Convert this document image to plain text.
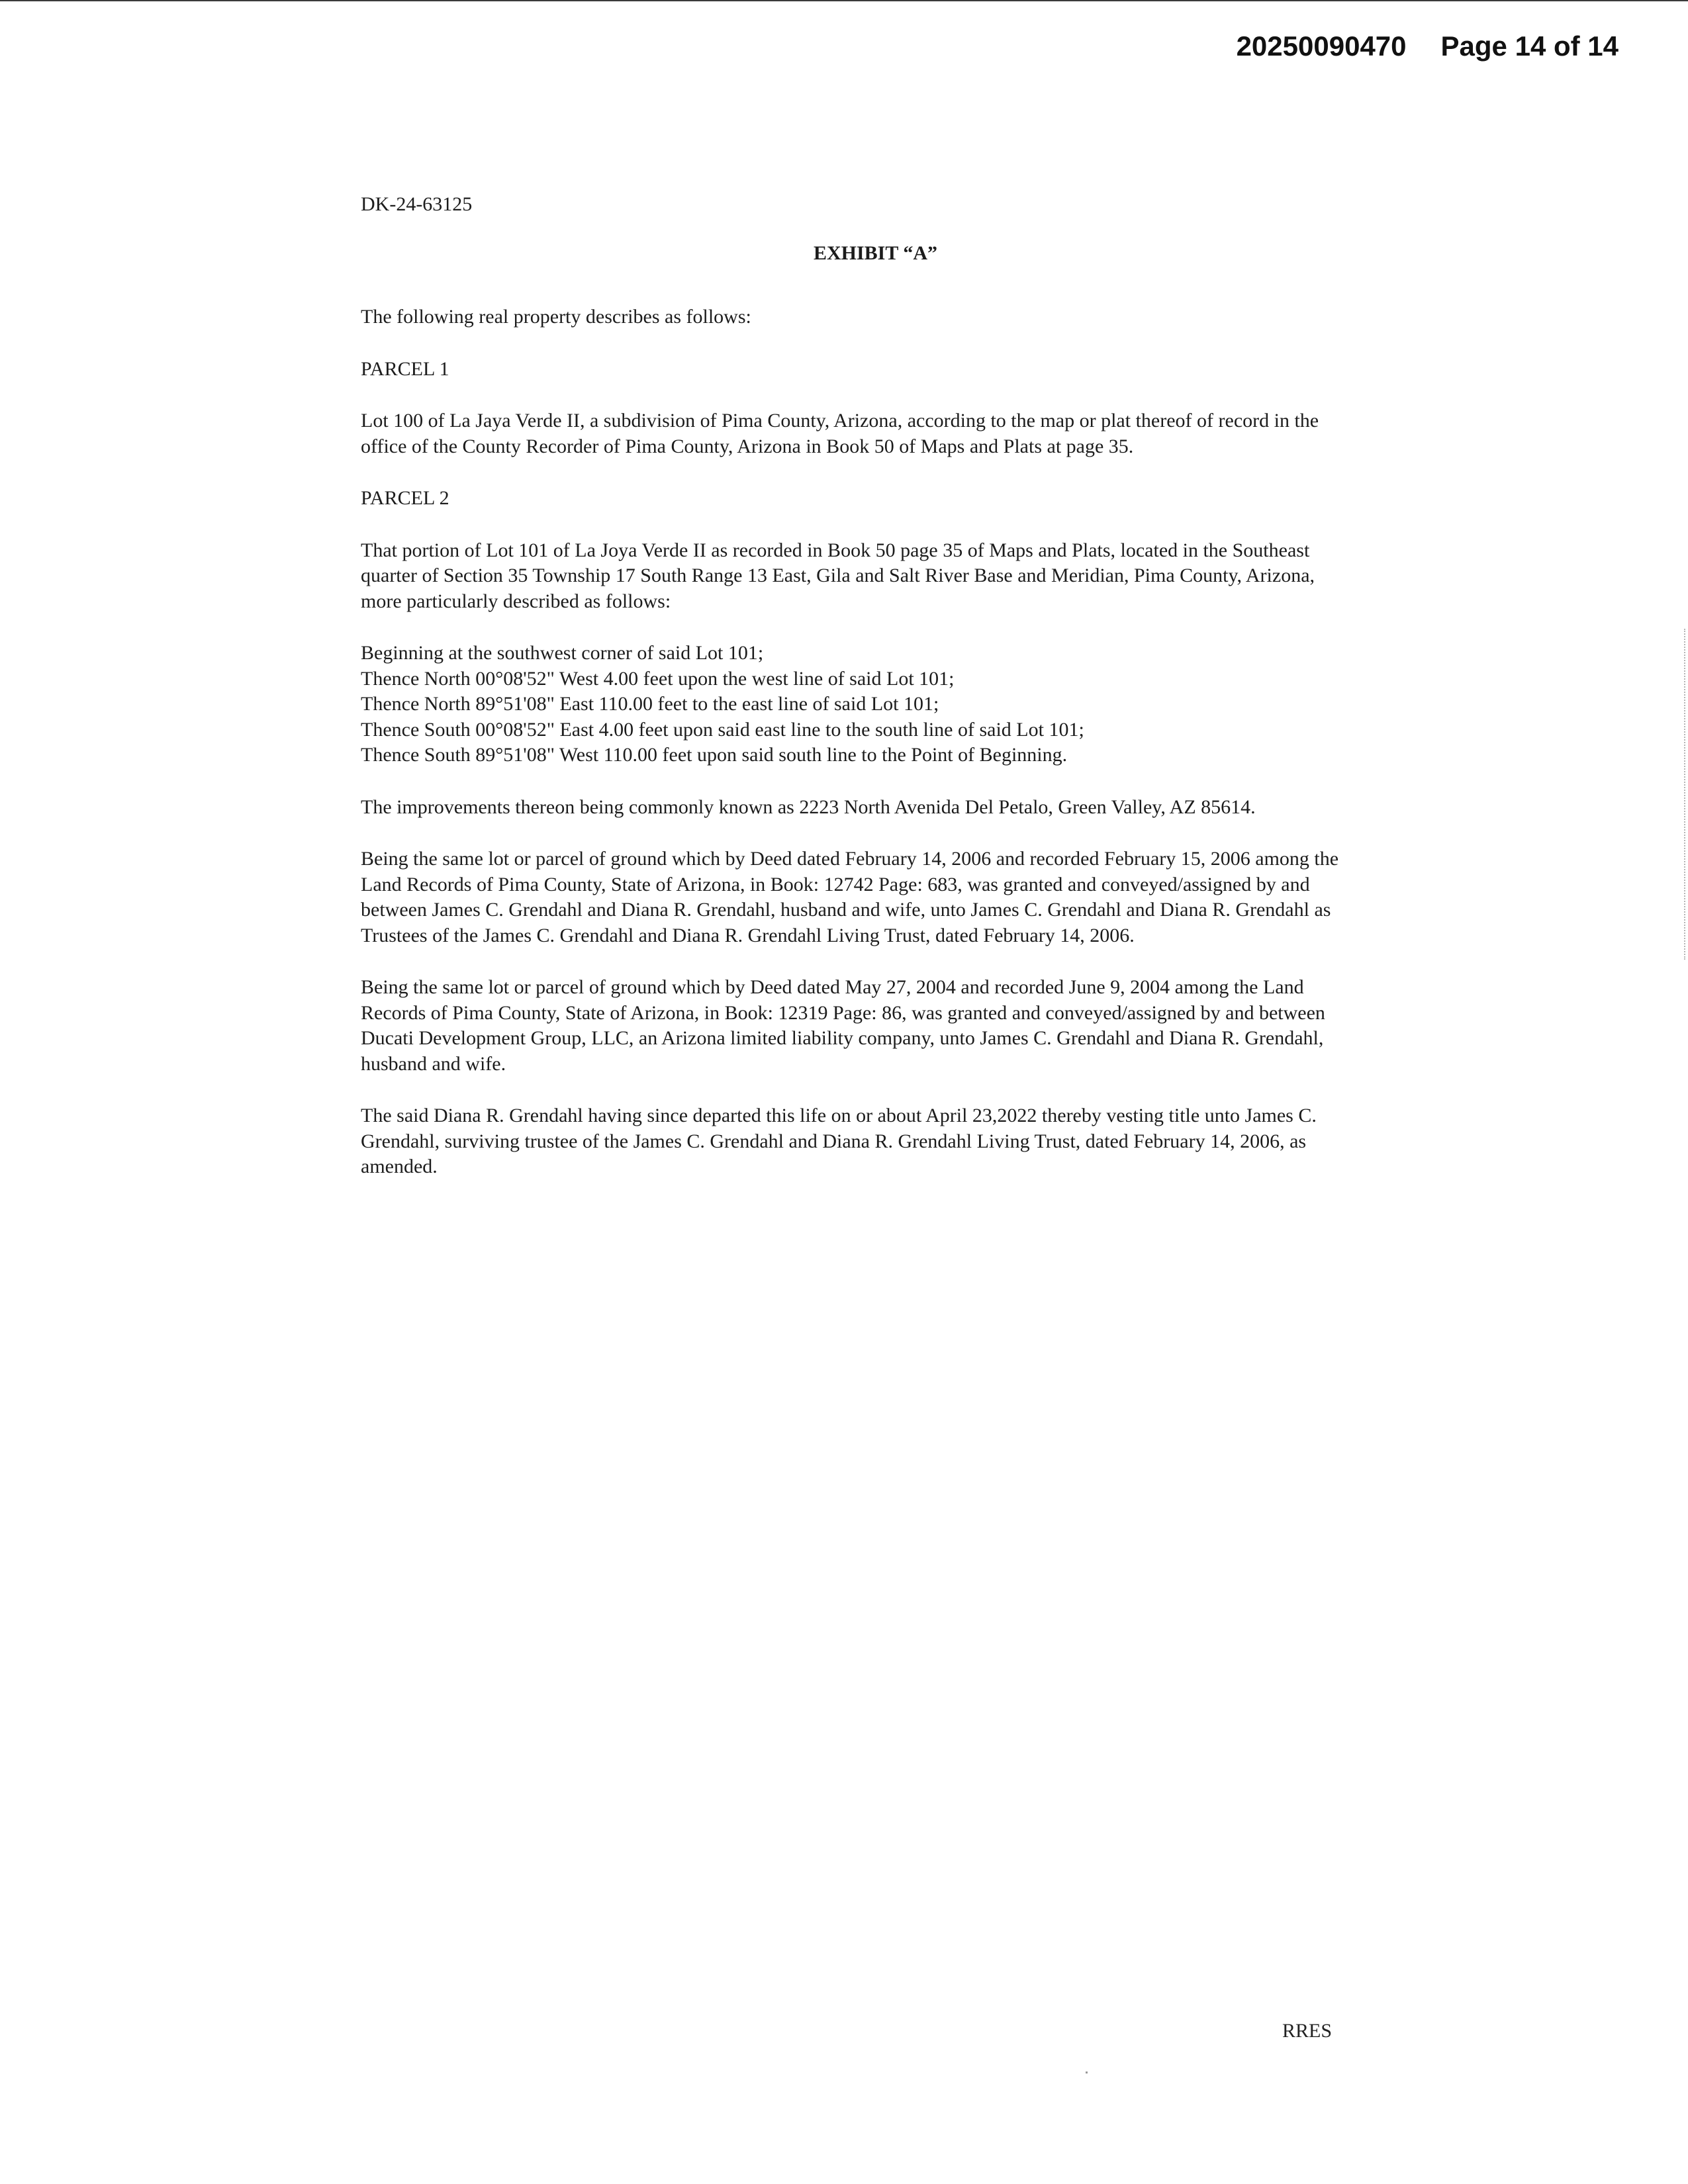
20250090470 Page 14 of 14

DK-24-63125

EXHIBIT “A”

The following real property describes as follows:

PARCEL 1

Lot 100 of La Jaya Verde II, a subdivision of Pima County, Arizona, according to the map or plat thereof of record in the office of the County Recorder of Pima County, Arizona in Book 50 of Maps and Plats at page 35.

PARCEL 2

That portion of Lot 101 of La Joya Verde II as recorded in Book 50 page 35 of Maps and Plats, located in the Southeast quarter of Section 35 Township 17 South Range 13 East, Gila and Salt River Base and Meridian, Pima County, Arizona, more particularly described as follows:

Beginning at the southwest corner of said Lot 101;
Thence North 00°08'52" West 4.00 feet upon the west line of said Lot 101;
Thence North 89°51'08" East 110.00 feet to the east line of said Lot 101;
Thence South 00°08'52" East 4.00 feet upon said east line to the south line of said Lot 101;
Thence South 89°51'08" West 110.00 feet upon said south line to the Point of Beginning.

The improvements thereon being commonly known as 2223 North Avenida Del Petalo, Green Valley, AZ 85614.

Being the same lot or parcel of ground which by Deed dated February 14, 2006 and recorded February 15, 2006 among the Land Records of Pima County, State of Arizona, in Book: 12742 Page: 683, was granted and conveyed/assigned by and between James C. Grendahl and Diana R. Grendahl, husband and wife, unto James C. Grendahl and Diana R. Grendahl as Trustees of the James C. Grendahl and Diana R. Grendahl Living Trust, dated February 14, 2006.

Being the same lot or parcel of ground which by Deed dated May 27, 2004 and recorded June 9, 2004 among the Land Records of Pima County, State of Arizona, in Book: 12319 Page: 86, was granted and conveyed/assigned by and between Ducati Development Group, LLC, an Arizona limited liability company, unto James C. Grendahl and Diana R. Grendahl, husband and wife.

The said Diana R. Grendahl having since departed this life on or about April 23,2022 thereby vesting title unto James C. Grendahl, surviving trustee of the James C. Grendahl and Diana R. Grendahl Living Trust, dated February 14, 2006, as amended.

RRES
